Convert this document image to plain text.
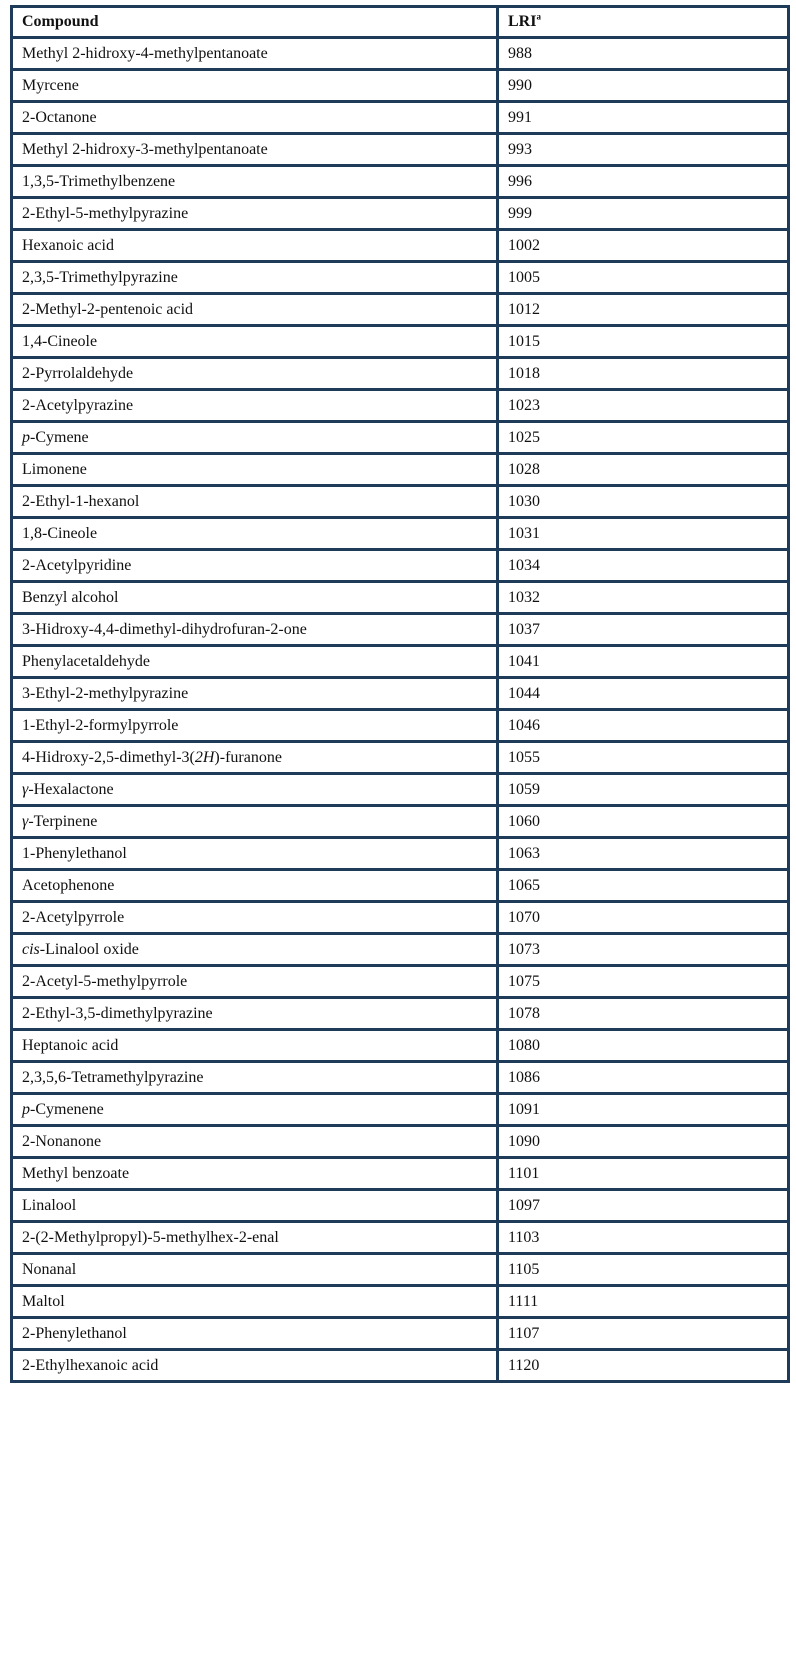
Compound	LRI$^a$
Methyl 2-hidroxy-4-methylpentanoate	988
Myrcene	990
2-Octanone	991
Methyl 2-hidroxy-3-methylpentanoate	993
1,3,5-Trimethylbenzene	996
2-Ethyl-5-methylpyrazine	999
Hexanoic acid	1002
2,3,5-Trimethylpyrazine	1005
2-Methyl-2-pentenoic acid	1012
1,4-Cineole	1015
2-Pyrrolaldehyde	1018
2-Acetylpyrazine	1023
p-Cymene	1025
Limonene	1028
2-Ethyl-1-hexanol	1030
1,8-Cineole	1031
2-Acetylpyridine	1034
Benzyl alcohol	1032
3-Hidroxy-4,4-dimethyl-dihydrofuran-2-one	1037
Phenylacetaldehyde	1041
3-Ethyl-2-methylpyrazine	1044
1-Ethyl-2-formylpyrrole	1046
4-Hidroxy-2,5-dimethyl-3(2H)-furanone	1055
γ-Hexalactone	1059
γ-Terpinene	1060
1-Phenylethanol	1063
Acetophenone	1065
2-Acetylpyrrole	1070
cis-Linalool oxide	1073
2-Acetyl-5-methylpyrrole	1075
2-Ethyl-3,5-dimethylpyrazine	1078
Heptanoic acid	1080
2,3,5,6-Tetramethylpyrazine	1086
p-Cymenene	1091
2-Nonanone	1090
Methyl benzoate	1101
Linalool	1097
2-(2-Methylpropyl)-5-methylhex-2-enal	1103
Nonanal	1105
Maltol	1111
2-Phenylethanol	1107
2-Ethylhexanoic acid	1120
